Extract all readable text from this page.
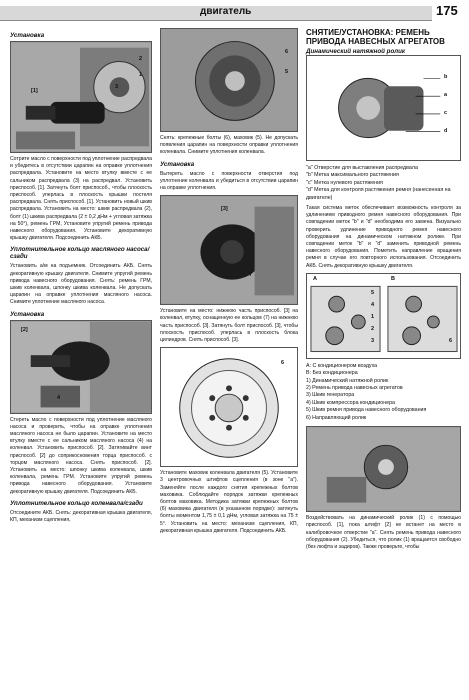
двигатель	175
Установка
[1]
3
2
1
Сотрите масло с поверхности под уплотнение распредвала и убедитесь в отсутствии царапин на оправке уплотнения распредвала. Установите на место втулку вместе с ее сальником распредвала (3) на распредвал. Установить приспособ. [1]. Затянуть болт приспособ., чтобы плоскость приспособ. уперлась в плоскость крышки постеля распредвала. Снять приспособ. [1]. Установить новый шкив распредвала. Установить на место: шкив распредвала (2), болт (1) шкива распредвала (2 ± 0,2 дНм + угловая затяжка на 50°), ремень ГРМ, Установите упругий ремень привода навесного оборудования. Установите декоративную крышку двигателя. Подсоединить АКБ.
Уплотнительное кольцо масляного насоса/сзади
Установить а/м на подъемник. Отсоединить АКБ. Снять декоративную крышку двигателя. Снимите упругий ремень привода навесного оборудования. Снять: ремень ГРМ, шкив коленвала, шпонку шкива коленвала. Не допускать царапин на оправке уплотнения масляного насоса. Снимите уплотнение масляного насоса.
Установка
[2]
4
Стереть масло с поверхности под уплотнение масляного насоса и проверить, чтобы на оправке уплотнения масляного насоса не было царапин. Установите на место втулку вместе с ее сальником масляного насоса (4) на коленвал. Установить приспособ. [2]. Затягивайте винт приспособ. [2] до соприкосновения торца приспособ. с торцом масляного насоса. Снять приспособ. [2]. Установить на место: шпонку шкива коленвала, шкив коленвала, ремень ГРМ. Установите упругий ремень привода навесного оборудования. Установите декоративную крышку двигателя. Подсоединить АКБ.
Уплотнительное кольцо коленвала/сзади
Отсоедините АКБ. Снять: декоративная крышка двигателя, КП, механизм сцепления,
6
5
Снять: крепежные болты (6), маховик (5). Не допускать появления царапин на поверхности оправки уплотнения коленвала. Снимите уплотнения коленвала.
Установка
Вытереть масло с поверхности отверстия под уплотнение коленвала и убедиться в отсутствии царапин на оправке уплотнения.
[3]
7
Установите на место: нижнюю часть приспособ. [3] на коленвал, втулку, оснащенную ее кольцом (7) на нижнюю часть приспособ. [3]. Затянуть болт приспособ. [3], чтобы плоскость приспособ. уперлась в плоскость блока цилиндров. Снять приспособ. [3].
6
Установите маховик коленвала двигателя (5). Установите 3 центровочных штифтов сцепления (в зоне "а"). Заменяйте после каждого снятия крепежных болтов маховика. Соблюдайте порядок затяжки крепежных болтов маховика. Методика затяжки крепежных болтов (6) маховика двигателя (в указанном порядке): затянуть болты моментом 1,75 ± 0,1 дНм, угловая затяжка на 75 ± 5°. Установить на место: механизм сцепления, КП, декоративная крышка двигателя. Подсоединить АКБ.
СНЯТИЕ/УСТАНОВКА: РЕМЕНЬ ПРИВОДА НАВЕСНЫХ АГРЕГАТОВ
Динамический натяжной ролик
b
a
c
d
"а" Отверстие для выставления распредвала
"b" Метка максимального растяжения
"с" Метка нулевого растяжения
"d" Метка для контроля растяжения ремня (нанесенная на двигателе)
Такая система меток обеспечивает возможность контроля за удлинением приводного ремня навесного оборудования. При совпадении меток "b" и "d" необходима его замена. Визуально проверить удлинение приводного ремня навесного оборудования на динамическом натяжном ролике. При совпадении меток "b" и "d" заменить приводной ремень навесного оборудования. Пометить направление вращения ремня в случае его повторного использования. Отсоединить АКБ. Снять декоративную крышку двигателя.
A	B
5
4
1
2
3	6
A: С кондиционером воздуха
B: Без кондиционера
1) Динамический натяжной ролик
2) Ремень привода навесных агрегатов
3) Шкив генератора
4) Шкив компрессора кондиционера
5) Шкив ремня привода навесного оборудования
6) Направляющий ролик
Воздействовать на динамический ролик (1) с помощью приспособ. [1], пока штифт [2] не встанет на место в калибровочное отверстие "а". Снять ремень привода навесного оборудования (2). Убедиться, что ролик (1) вращается свободно (без люфта и задиров). Также проверьте, чтобы
